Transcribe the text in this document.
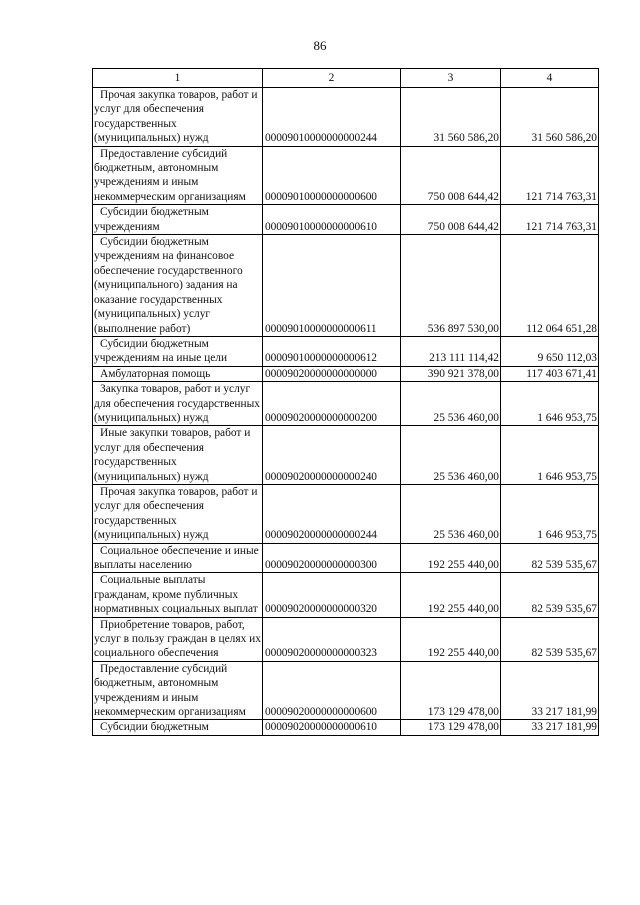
86
1	2	3	4
Прочая закупка товаров, работ и услуг для обеспечения государственных (муниципальных) нужд	00009010000000000244	31 560 586,20	31 560 586,20
Предоставление субсидий бюджетным, автономным учреждениям и иным некоммерческим организациям	00009010000000000600	750 008 644,42	121 714 763,31
Субсидии бюджетным учреждениям	00009010000000000610	750 008 644,42	121 714 763,31
Субсидии бюджетным учреждениям на финансовое обеспечение государственного (муниципального) задания на оказание государственных (муниципальных) услуг (выполнение работ)	00009010000000000611	536 897 530,00	112 064 651,28
Субсидии бюджетным учреждениям на иные цели	00009010000000000612	213 111 114,42	9 650 112,03
Амбулаторная помощь	00009020000000000000	390 921 378,00	117 403 671,41
Закупка товаров, работ и услуг для обеспечения государственных (муниципальных) нужд	00009020000000000200	25 536 460,00	1 646 953,75
Иные закупки товаров, работ и услуг для обеспечения государственных (муниципальных) нужд	00009020000000000240	25 536 460,00	1 646 953,75
Прочая закупка товаров, работ и услуг для обеспечения государственных (муниципальных) нужд	00009020000000000244	25 536 460,00	1 646 953,75
Социальное обеспечение и иные выплаты населению	00009020000000000300	192 255 440,00	82 539 535,67
Социальные выплаты гражданам, кроме публичных нормативных социальных выплат	00009020000000000320	192 255 440,00	82 539 535,67
Приобретение товаров, работ, услуг в пользу граждан в целях их социального обеспечения	00009020000000000323	192 255 440,00	82 539 535,67
Предоставление субсидий бюджетным, автономным учреждениям и иным некоммерческим организациям	00009020000000000600	173 129 478,00	33 217 181,99
Субсидии бюджетным	00009020000000000610	173 129 478,00	33 217 181,99
